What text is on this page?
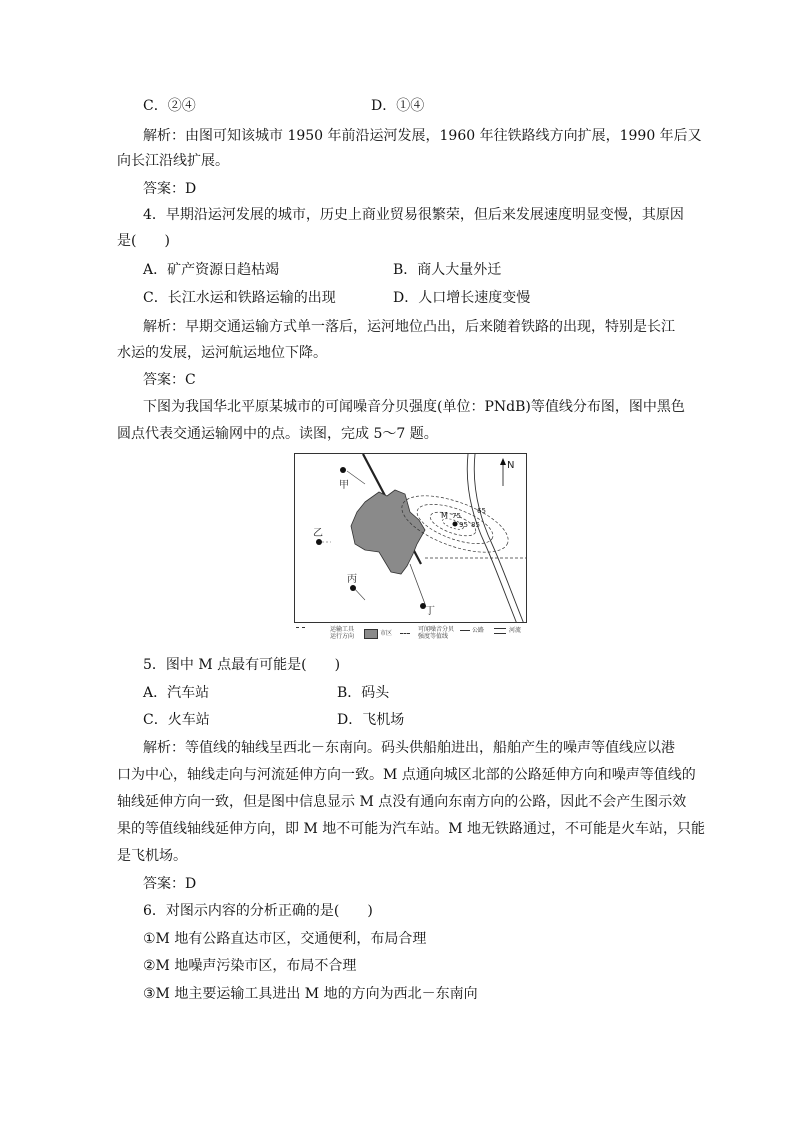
C．②④	D．①④
解析：由图可知该城市 1950 年前沿运河发展，1960 年往铁路线方向扩展，1990 年后又
向长江沿线扩展。
答案：D
4．早期沿运河发展的城市，历史上商业贸易很繁荣，但后来发展速度明显变慢，其原因
是(　　)
A．矿产资源日趋枯竭	B．商人大量外迁
C．长江水运和铁路运输的出现	D．人口增长速度变慢
解析：早期交通运输方式单一落后，运河地位凸出，后来随着铁路的出现，特别是长江
水运的发展，运河航运地位下降。
答案：C
下图为我国华北平原某城市的可闻噪音分贝强度(单位：PNdB)等值线分布图，图中黑色
圆点代表交通运输网中的点。读图，完成 5～7 题。
N
甲
乙
丙
丁
M	65
75
95 85
运输工具
运行方向	市区
可闻噪音分贝
强度等值线
公路	河流
5．图中 M 点最有可能是(　　)
A．汽车站	B．码头
C．火车站	D．飞机场
解析：等值线的轴线呈西北－东南向。码头供船舶进出，船舶产生的噪声等值线应以港
口为中心，轴线走向与河流延伸方向一致。M 点通向城区北部的公路延伸方向和噪声等值线的
轴线延伸方向一致，但是图中信息显示 M 点没有通向东南方向的公路，因此不会产生图示效
果的等值线轴线延伸方向，即 M 地不可能为汽车站。M 地无铁路通过，不可能是火车站，只能
是飞机场。
答案：D
6．对图示内容的分析正确的是(　　)
①M 地有公路直达市区，交通便利，布局合理
②M 地噪声污染市区，布局不合理
③M 地主要运输工具进出 M 地的方向为西北－东南向
